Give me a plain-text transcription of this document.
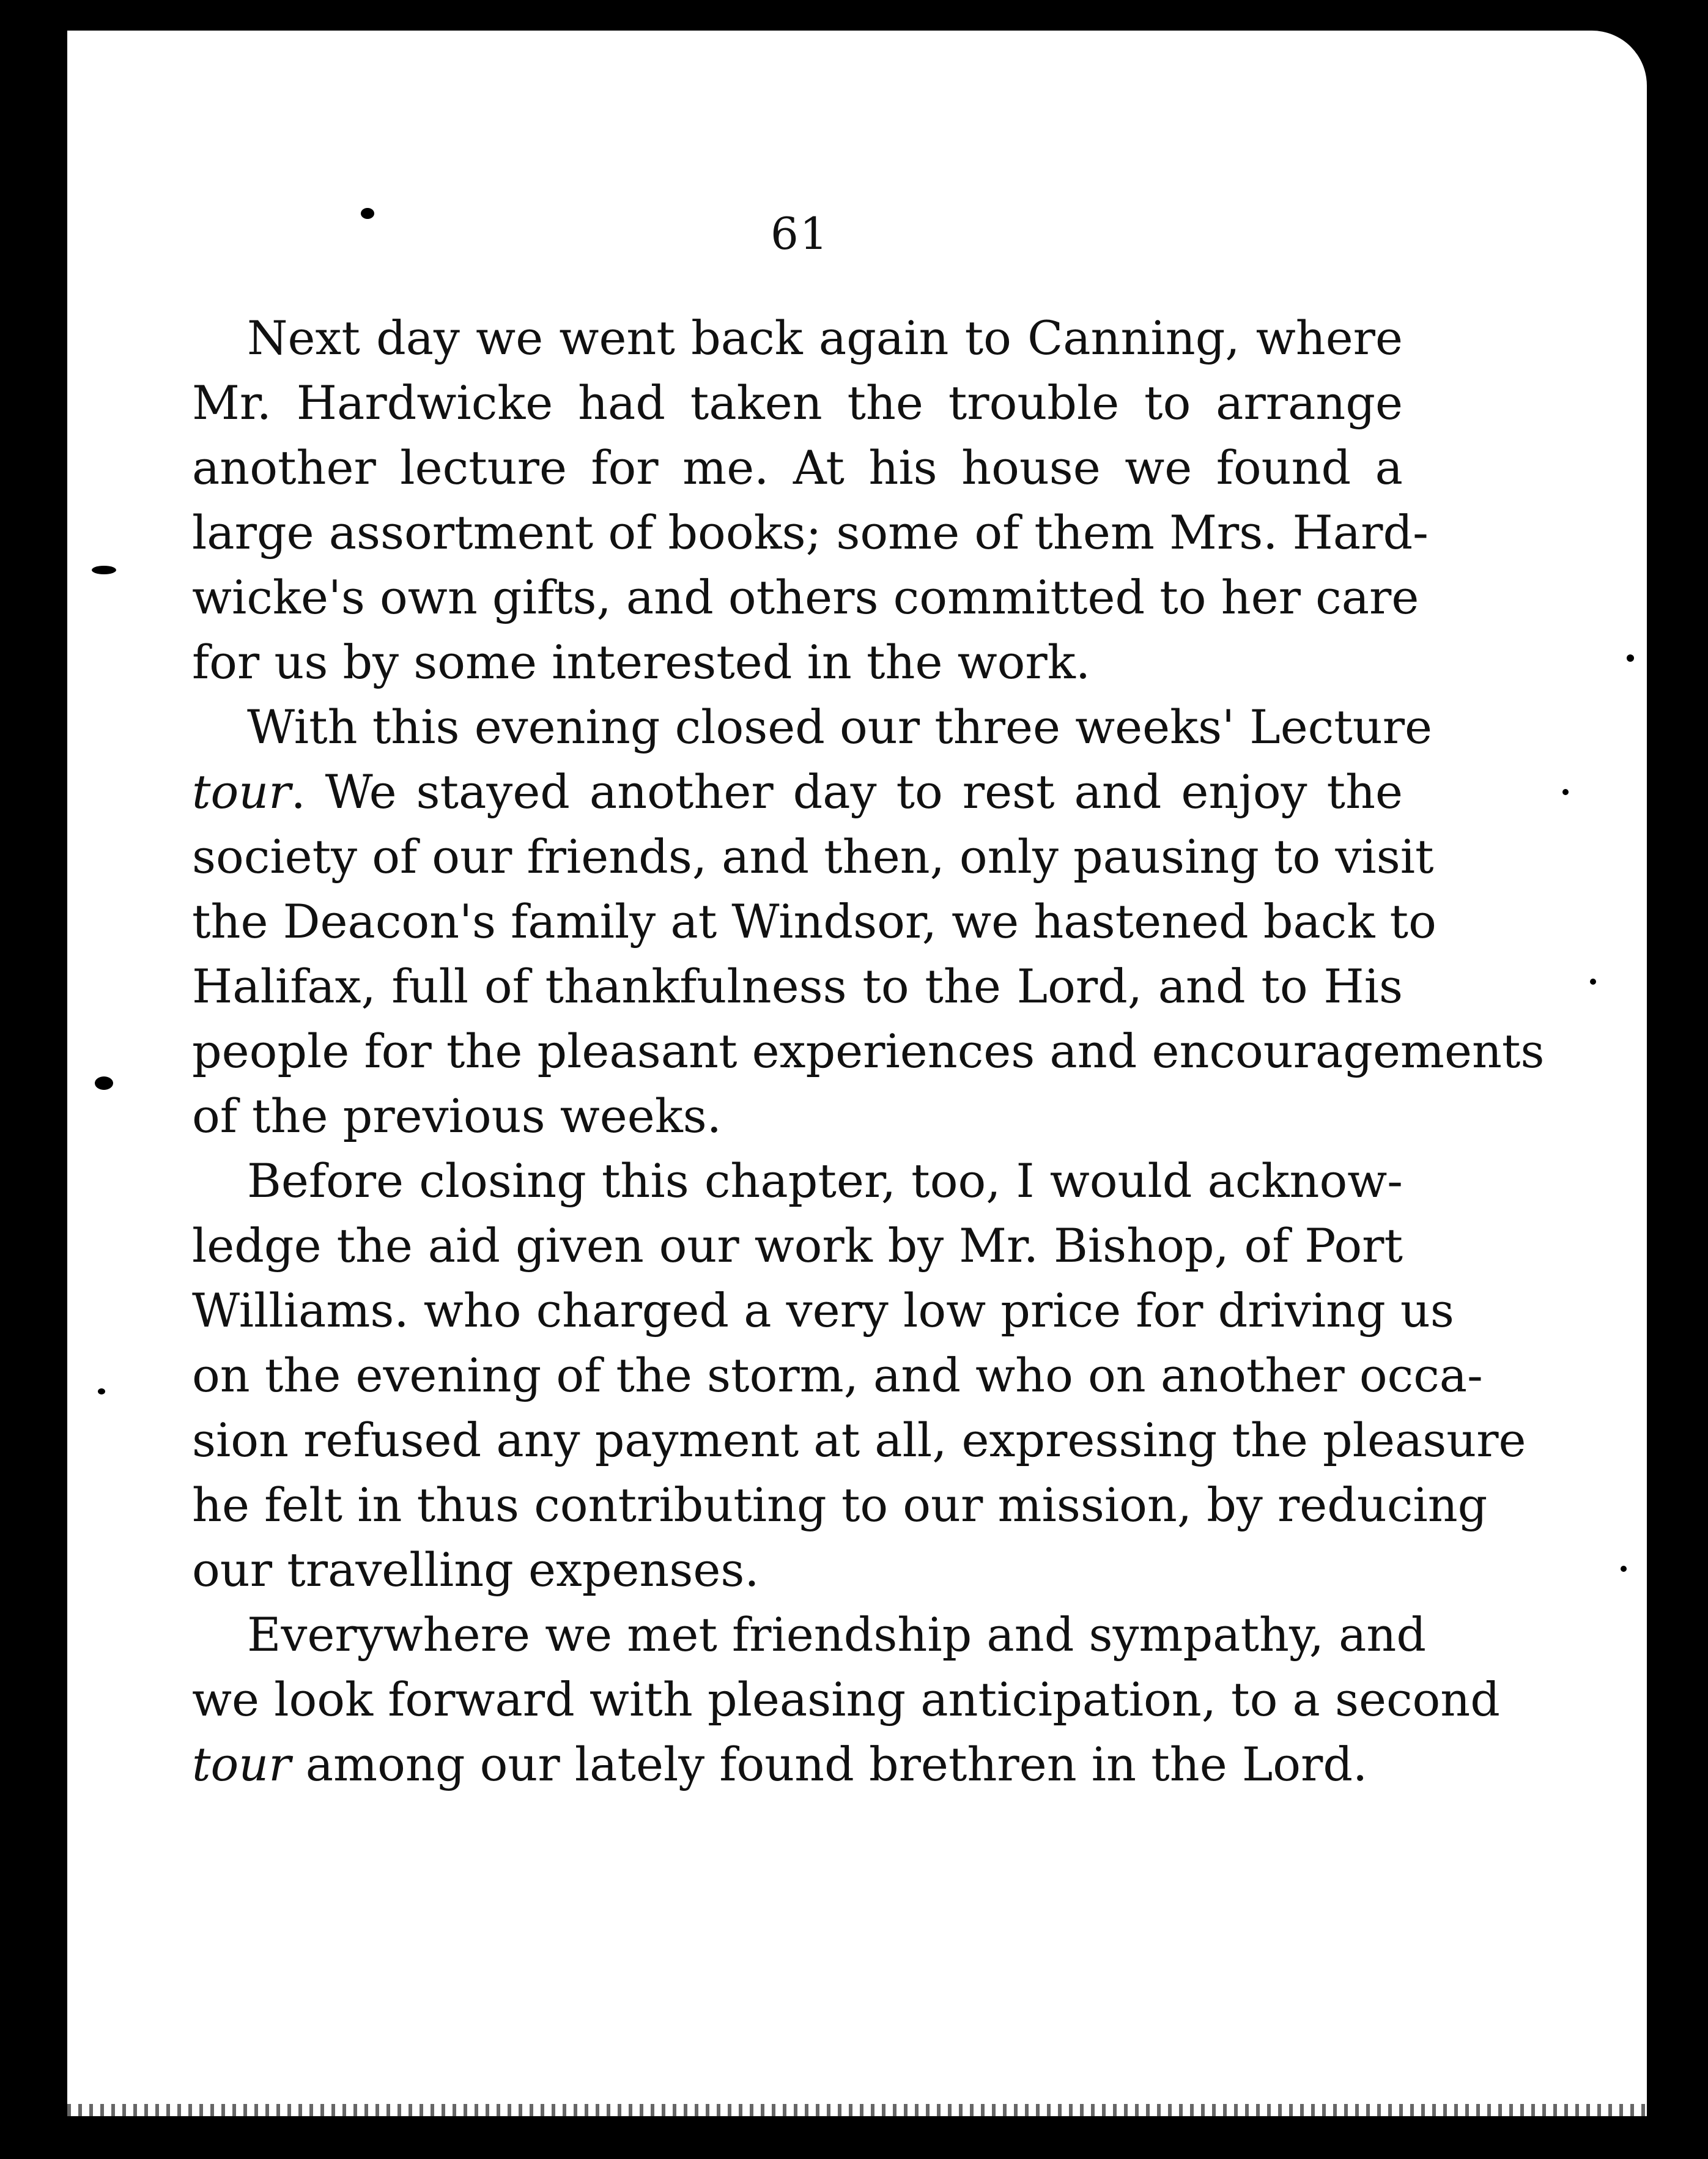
61

Next day we went back again to Canning, where
Mr. Hardwicke had taken the trouble to arrange
another lecture for me. At his house we found a
large assortment of books; some of them Mrs. Hard-
wicke's own gifts, and others committed to her care
for us by some interested in the work.

With this evening closed our three weeks' Lecture
tour. We stayed another day to rest and enjoy the
society of our friends, and then, only pausing to visit
the Deacon's family at Windsor, we hastened back to
Halifax, full of thankfulness to the Lord, and to His
people for the pleasant experiences and encouragements
of the previous weeks.

Before closing this chapter, too, I would acknow-
ledge the aid given our work by Mr. Bishop, of Port
Williams. who charged a very low price for driving us
on the evening of the storm, and who on another occa-
sion refused any payment at all, expressing the pleasure
he felt in thus contributing to our mission, by reducing
our travelling expenses.

Everywhere we met friendship and sympathy, and
we look forward with pleasing anticipation, to a second
tour among our lately found brethren in the Lord.
